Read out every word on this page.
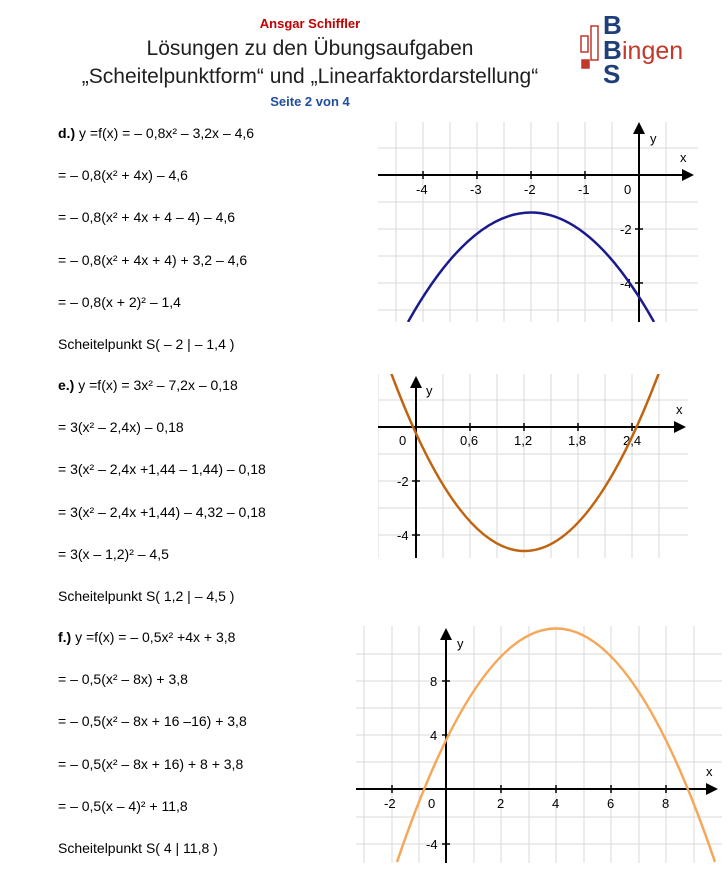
Ansgar Schiffler
Lösungen zu den Übungsaufgaben
„Scheitelpunktform“ und „Linearfaktordarstellung“
Seite 2 von 4
B
B
S
ingen
d.) y =f(x) = – 0,8x² – 3,2x – 4,6
= – 0,8(x² + 4x) – 4,6
= – 0,8(x² + 4x + 4 – 4) – 4,6
= – 0,8(x² + 4x + 4) + 3,2 – 4,6
= – 0,8(x + 2)² – 1,4
Scheitelpunkt S( – 2 | – 1,4 )
e.) y =f(x) = 3x² – 7,2x – 0,18
= 3(x² – 2,4x) – 0,18
= 3(x² – 2,4x +1,44 – 1,44) – 0,18
= 3(x² – 2,4x +1,44) – 4,32 – 0,18
= 3(x – 1,2)² – 4,5
Scheitelpunkt S( 1,2 | – 4,5 )
f.) y =f(x) = – 0,5x² +4x + 3,8
= – 0,5(x² – 8x) + 3,8
= – 0,5(x² – 8x + 16 –16) + 3,8
= – 0,5(x² – 8x + 16) + 8 + 3,8
= – 0,5(x – 4)² + 11,8
Scheitelpunkt S( 4 | 11,8 )
x
y
-4	-3	-2	-1	0
-2
-4
x
y
0	0,6	1,2	1,8	2,4
-2
-4
x
y
-2 0	2	4	6	8
8
4
-4
